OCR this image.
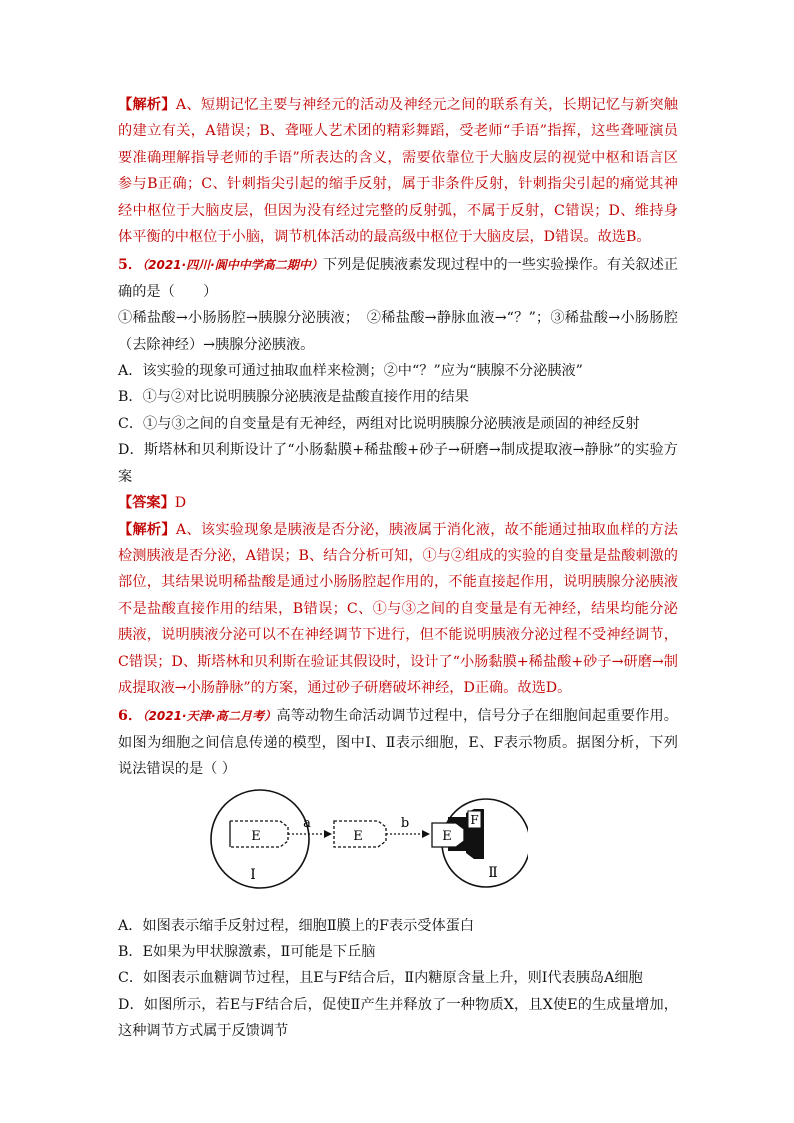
【解析】A、短期记忆主要与神经元的活动及神经元之间的联系有关，长期记忆与新突触的建立有关，A错误；B、聋哑人艺术团的精彩舞蹈，受老师“手语”指挥，这些聋哑演员要准确理解指导老师的手语”所表达的含义，需要依靠位于大脑皮层的视觉中枢和语言区参与B正确；C、针刺指尖引起的缩手反射，属于非条件反射，针刺指尖引起的痛觉其神经中枢位于大脑皮层，但因为没有经过完整的反射弧，不属于反射，C错误；D、维持身体平衡的中枢位于小脑，调节机体活动的最高级中枢位于大脑皮层，D错误。故选B。

5．（2021·四川·阆中中学高二期中）下列是促胰液素发现过程中的一些实验操作。有关叙述正确的是（　　）

①稀盐酸→小肠肠腔→胰腺分泌胰液；　②稀盐酸→静脉血液→“？”；③稀盐酸→小肠肠腔（去除神经）→胰腺分泌胰液。

A．该实验的现象可通过抽取血样来检测；②中“？”应为“胰腺不分泌胰液”

B．①与②对比说明胰腺分泌胰液是盐酸直接作用的结果

C．①与③之间的自变量是有无神经，两组对比说明胰腺分泌胰液是顽固的神经反射

D．斯塔林和贝利斯设计了“小肠黏膜+稀盐酸+砂子→研磨→制成提取液→静脉”的实验方案

【答案】D

【解析】A、该实验现象是胰液是否分泌，胰液属于消化液，故不能通过抽取血样的方法检测胰液是否分泌，A错误；B、结合分析可知，①与②组成的实验的自变量是盐酸刺激的部位，其结果说明稀盐酸是通过小肠肠腔起作用的，不能直接起作用，说明胰腺分泌胰液不是盐酸直接作用的结果，B错误；C、①与③之间的自变量是有无神经，结果均能分泌胰液，说明胰液分泌可以不在神经调节下进行，但不能说明胰液分泌过程不受神经调节，C错误；D、斯塔林和贝利斯在验证其假设时，设计了“小肠黏膜+稀盐酸+砂子→研磨→制成提取液→小肠静脉”的方案，通过砂子研磨破坏神经，D正确。故选D。

6．（2021·天津·高二月考）高等动物生命活动调节过程中，信号分子在细胞间起重要作用。如图为细胞之间信息传递的模型，图中Ⅰ、Ⅱ表示细胞，E、F表示物质。据图分析，下列说法错误的是（ ）

E
Ⅰ
a
E
b	F
E
Ⅱ

A．如图表示缩手反射过程，细胞Ⅱ膜上的F表示受体蛋白

B．E如果为甲状腺激素，Ⅱ可能是下丘脑

C．如图表示血糖调节过程，且E与F结合后，Ⅱ内糖原含量上升，则Ⅰ代表胰岛A细胞

D．如图所示，若E与F结合后，促使Ⅱ产生并释放了一种物质X，且X使E的生成量增加，这种调节方式属于反馈调节
